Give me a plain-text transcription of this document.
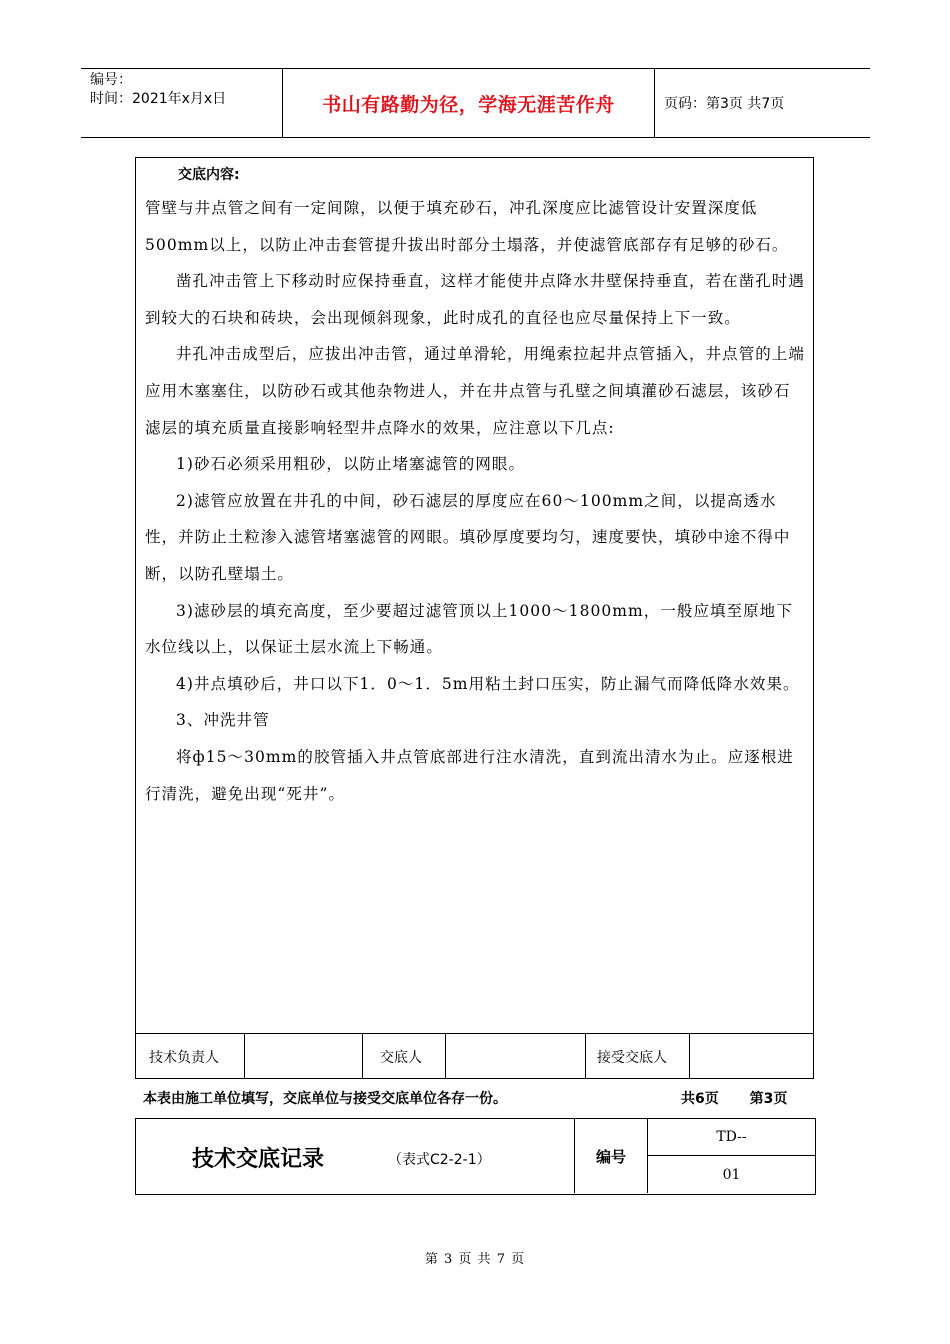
编号：
时间：2021年x月x日	书山有路勤为径，学海无涯苦作舟	页码：第3页 共7页
交底内容:

管壁与井点管之间有一定间隙，以便于填充砂石，冲孔深度应比滤管设计安置深度低500mm以上，以防止冲击套管提升拔出时部分土塌落，并使滤管底部存有足够的砂石。

凿孔冲击管上下移动时应保持垂直，这样才能使井点降水井壁保持垂直，若在凿孔时遇到较大的石块和砖块，会出现倾斜现象，此时成孔的直径也应尽量保持上下一致。

井孔冲击成型后，应拔出冲击管，通过单滑轮，用绳索拉起井点管插入，井点管的上端应用木塞塞住，以防砂石或其他杂物进人，并在井点管与孔壁之间填灌砂石滤层，该砂石滤层的填充质量直接影响轻型井点降水的效果，应注意以下几点:

1)砂石必须采用粗砂，以防止堵塞滤管的网眼。

2)滤管应放置在井孔的中间，砂石滤层的厚度应在60～100mm之间，以提高透水性，并防止土粒渗入滤管堵塞滤管的网眼。填砂厚度要均匀，速度要快，填砂中途不得中断，以防孔壁塌土。

3)滤砂层的填充高度，至少要超过滤管顶以上1000～1800mm，一般应填至原地下水位线以上，以保证土层水流上下畅通。

4)井点填砂后，井口以下1．0～1．5m用粘土封口压实，防止漏气而降低降水效果。

3、冲洗井管

将ф15～30mm的胶管插入井点管底部进行注水清洗，直到流出清水为止。应逐根进行清洗，避免出现“死井”。

技术负责人	交底人	接受交底人
本表由施工单位填写，交底单位与接受交底单位各存一份。	共6页 第3页
技术交底记录	（表式C2-2-1）	编号
TD--
01
第 3 页 共 7 页
